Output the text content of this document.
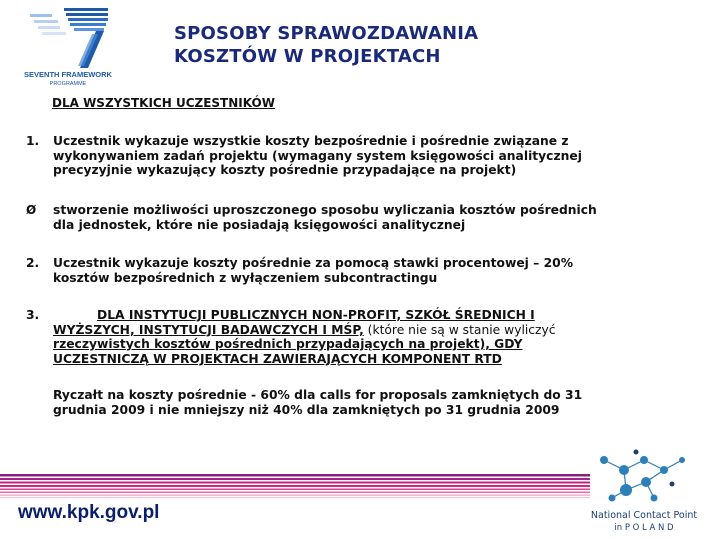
SEVENTH FRAMEWORK
PROGRAMME
SPOSOBY SPRAWOZDAWANIA
KOSZTÓW W PROJEKTACH
DLA WSZYSTKICH UCZESTNIKÓW
1. Uczestnik wykazuje wszystkie koszty bezpośrednie i pośrednie związane z
wykonywaniem zadań projektu (wymagany system księgowości analitycznej
precyzyjnie wykazujący koszty pośrednie przypadające na projekt)
Ø stworzenie możliwości uproszczonego sposobu wyliczania kosztów pośrednich
dla jednostek, które nie posiadają księgowości analitycznej
2. Uczestnik wykazuje koszty pośrednie za pomocą stawki procentowej – 20%
kosztów bezpośrednich z wyłączeniem subcontractingu
3.	DLA INSTYTUCJI PUBLICZNYCH NON-PROFIT, SZKÓŁ ŚREDNICH I
WYŻSZYCH, INSTYTUCJI BADAWCZYCH I MŚP, (które nie są w stanie wyliczyć
rzeczywistych kosztów pośrednich przypadających na projekt), GDY
UCZESTNICZĄ W PROJEKTACH ZAWIERAJĄCYCH KOMPONENT RTD
Ryczałt na koszty pośrednie - 60% dla calls for proposals zamkniętych do 31
grudnia 2009 i nie mniejszy niż 40% dla zamkniętych po 31 grudnia 2009
www.kpk.gov.pl	National Contact Point
in P O L A N D
